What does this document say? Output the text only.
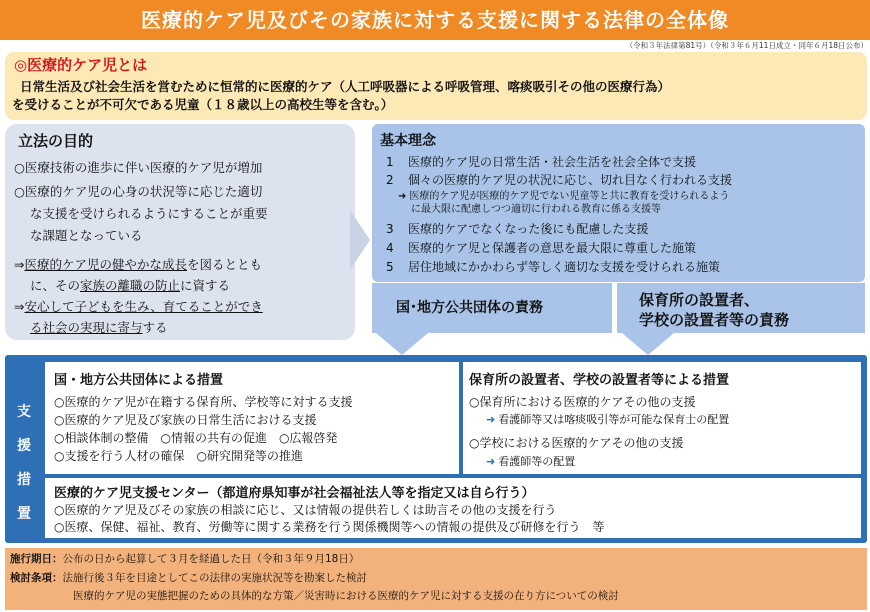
医療的ケア児及びその家族に対する支援に関する法律の全体像
（令和３年法律第81号）（令和３年６月11日成立・同年６月18日公布）
◎医療的ケア児とは
日常生活及び社会生活を営むために恒常的に医療的ケア（人工呼吸器による呼吸管理、喀痰吸引その他の医療行為）
を受けることが不可欠である児童（１８歳以上の高校生等を含む。）
立法の目的
○医療技術の進歩に伴い医療的ケア児が増加
○医療的ケア児の心身の状況等に応じた適切
な支援を受けられるようにすることが重要
な課題となっている
⇒医療的ケア児の健やかな成長を図るととも
に、その家族の離職の防止に資する
⇒安心して子どもを生み、育てることができ
る社会の実現に寄与する
基本理念
1 医療的ケア児の日常生活・社会生活を社会全体で支援
2 個々の医療的ケア児の状況に応じ、切れ目なく行われる支援
➜ 医療的ケア児が医療的ケア児でない児童等と共に教育を受けられるよう
に最大限に配慮しつつ適切に行われる教育に係る支援等
3 医療的ケアでなくなった後にも配慮した支援
4 医療的ケア児と保護者の意思を最大限に尊重した施策
5 居住地域にかかわらず等しく適切な支援を受けられる施策
国･地方公共団体の責務	保育所の設置者、
学校の設置者等の責務
支
援
措
置
国・地方公共団体による措置
○医療的ケア児が在籍する保育所、学校等に対する支援
○医療的ケア児及び家族の日常生活における支援
○相談体制の整備　○情報の共有の促進　○広報啓発
○支援を行う人材の確保　○研究開発等の推進
保育所の設置者、学校の設置者等による措置
○保育所における医療的ケアその他の支援
➜ 看護師等又は喀痰吸引等が可能な保育士の配置
○学校における医療的ケアその他の支援
➜ 看護師等の配置
医療的ケア児支援センター（都道府県知事が社会福祉法人等を指定又は自ら行う）
○医療的ケア児及びその家族の相談に応じ、又は情報の提供若しくは助言その他の支援を行う
○医療、保健、福祉、教育、労働等に関する業務を行う関係機関等への情報の提供及び研修を行う　等
施行期日：公布の日から起算して３月を経過した日（令和３年９月18日）
検討条項：法施行後３年を目途としてこの法律の実施状況等を勘案した検討
医療的ケア児の実態把握のための具体的な方策／災害時における医療的ケア児に対する支援の在り方についての検討
